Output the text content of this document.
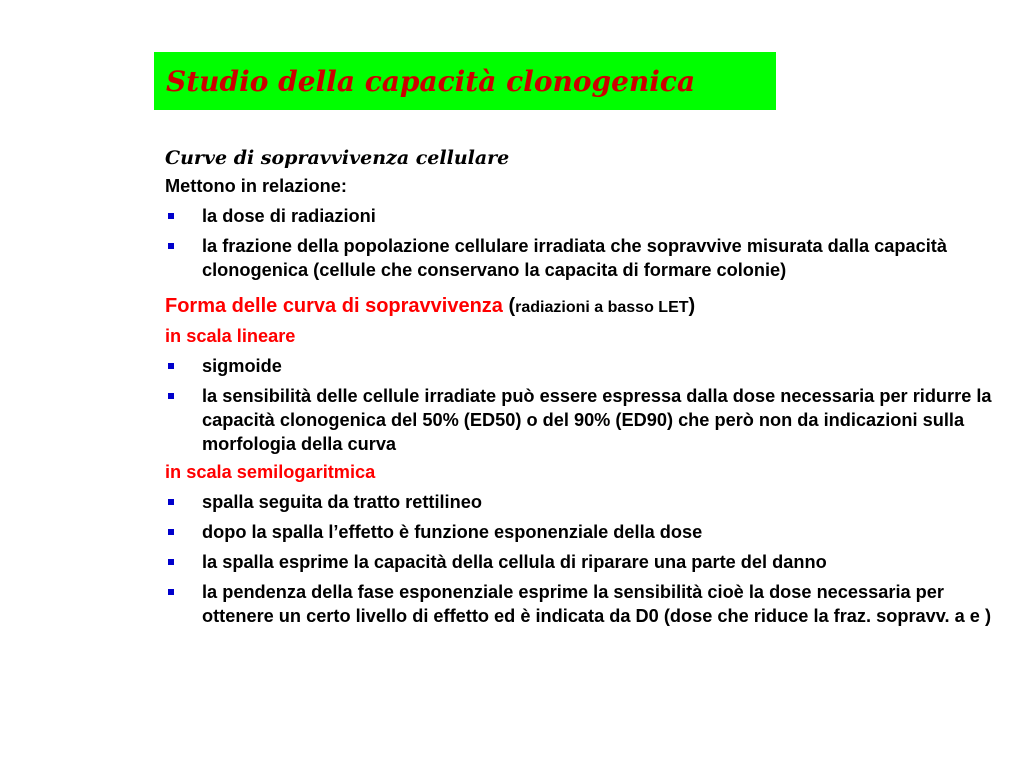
Studio della capacità clonogenica
Curve di sopravvivenza cellulare
Mettono in relazione:
la dose di radiazioni
la frazione della popolazione cellulare irradiata che sopravvive misurata dalla capacità clonogenica (cellule che conservano la capacita di formare colonie)
Forma delle curva di sopravvivenza (radiazioni a basso LET)
in scala lineare
sigmoide
la sensibilità delle cellule irradiate può essere espressa dalla dose necessaria per ridurre la capacità clonogenica del 50% (ED50) o del 90% (ED90) che però non da indicazioni sulla morfologia della curva
in scala semilogaritmica
spalla seguita da tratto rettilineo
dopo la spalla l’effetto è funzione esponenziale della dose
la spalla esprime la capacità della cellula di riparare una parte del danno
la pendenza della fase esponenziale esprime la sensibilità cioè la dose necessaria per ottenere un certo livello di effetto ed è indicata da D0 (dose che riduce la fraz. sopravv. a e )
